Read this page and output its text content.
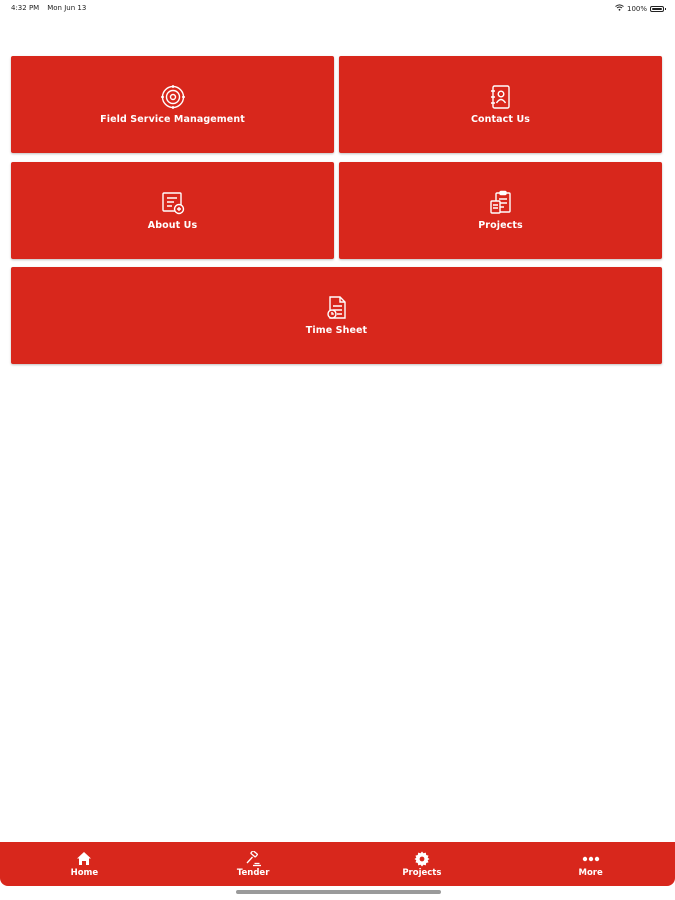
4:32 PM Mon Jun 13	100%
Field Service Management	Contact Us
About Us	Projects
Time Sheet
Home	Tender	Projects	More
